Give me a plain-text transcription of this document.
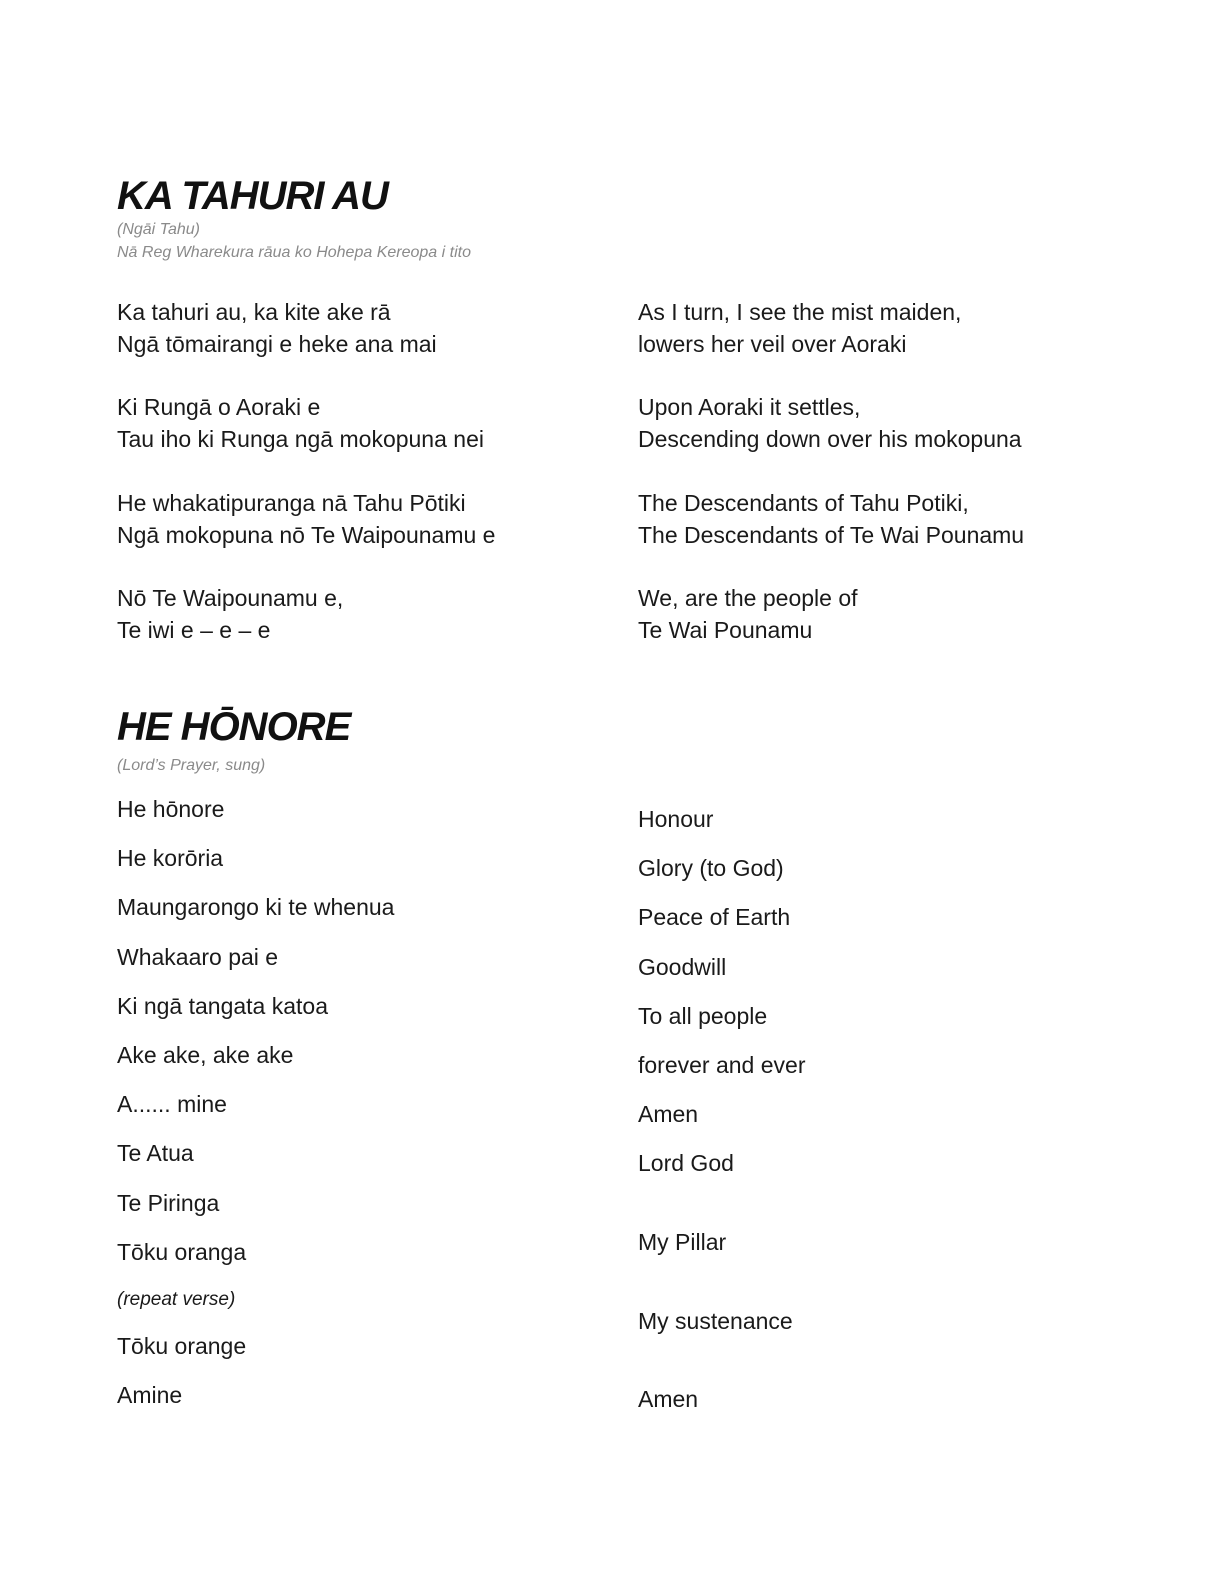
KA TAHURI AU
(Ngāi Tahu)
Nā Reg Wharekura rāua ko Hohepa Kereopa i tito
Ka tahuri au, ka kite ake rā
Ngā tōmairangi e heke ana mai
Ki Rungā o Aoraki e
Tau iho ki Runga ngā mokopuna nei
He whakatipuranga nā Tahu Pōtiki
Ngā mokopuna nō Te Waipounamu e
Nō Te Waipounamu e,
Te iwi e – e – e
As I turn, I see the mist maiden,
lowers her veil over Aoraki
Upon Aoraki it settles,
Descending down over his mokopuna
The Descendants of Tahu Potiki,
The Descendants of Te Wai Pounamu
We, are the people of
Te Wai Pounamu
HE HŌNORE
(Lord’s Prayer, sung)
He hōnore
He korōria
Maungarongo ki te whenua
Whakaaro pai e
Ki ngā tangata katoa
Ake ake, ake ake
A...... mine
Te Atua
Te Piringa
Tōku oranga
(repeat verse)
Tōku orange
Amine
Honour
Glory (to God)
Peace of Earth
Goodwill
To all people
forever and ever
Amen
Lord God
My Pillar
My sustenance
Amen
